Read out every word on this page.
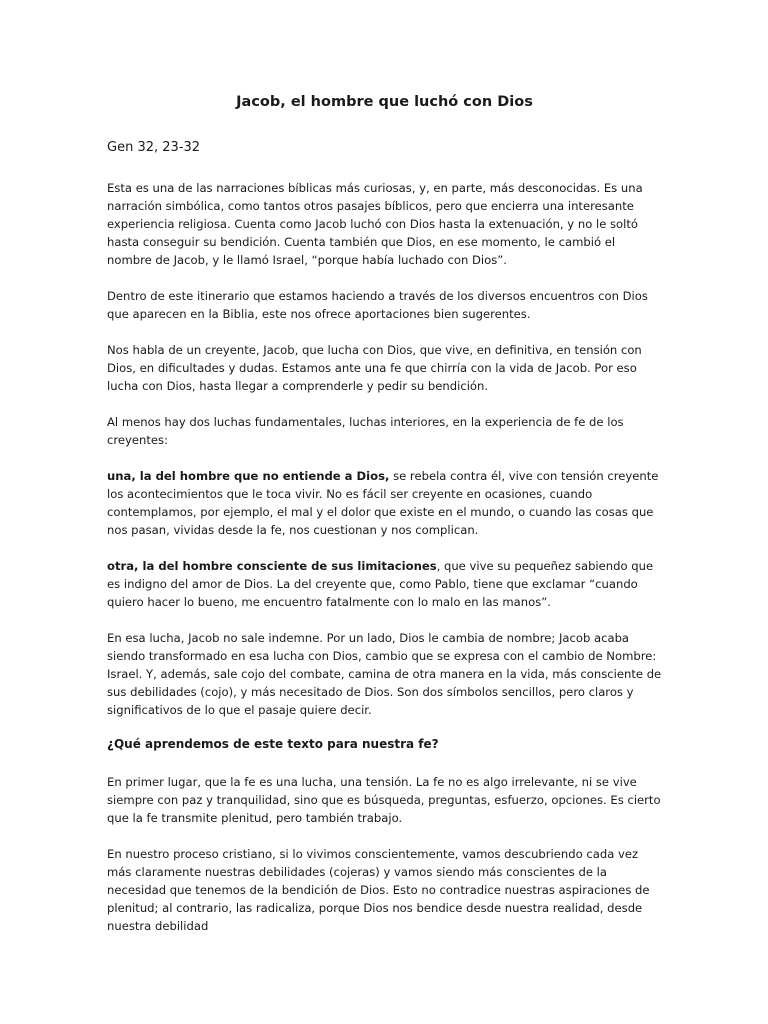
Jacob, el hombre que luchó con Dios
Gen 32, 23-32

Esta es una de las narraciones bíblicas más curiosas, y, en parte, más desconocidas. Es una narración simbólica, como tantos otros pasajes bíblicos, pero que encierra una interesante experiencia religiosa. Cuenta como Jacob luchó con Dios hasta la extenuación, y no le soltó hasta conseguir su bendición. Cuenta también que Dios, en ese momento, le cambió el nombre de Jacob, y le llamó Israel, “porque había luchado con Dios”.

Dentro de este itinerario que estamos haciendo a través de los diversos encuentros con Dios que aparecen en la Biblia, este nos ofrece aportaciones bien sugerentes.

Nos habla de un creyente, Jacob, que lucha con Dios, que vive, en definitiva, en tensión con Dios, en dificultades y dudas. Estamos ante una fe que chirría con la vida de Jacob. Por eso lucha con Dios, hasta llegar a comprenderle y pedir su bendición.

Al menos hay dos luchas fundamentales, luchas interiores, en la experiencia de fe de los creyentes:

una, la del hombre que no entiende a Dios, se rebela contra él, vive con tensión creyente los acontecimientos que le toca vivir. No es fácil ser creyente en ocasiones, cuando contemplamos, por ejemplo, el mal y el dolor que existe en el mundo, o cuando las cosas que nos pasan, vividas desde la fe, nos cuestionan y nos complican.

otra, la del hombre consciente de sus limitaciones, que vive su pequeñez sabiendo que es indigno del amor de Dios. La del creyente que, como Pablo, tiene que exclamar “cuando quiero hacer lo bueno, me encuentro fatalmente con lo malo en las manos”.

En esa lucha, Jacob no sale indemne. Por un lado, Dios le cambia de nombre; Jacob acaba siendo transformado en esa lucha con Dios, cambio que se expresa con el cambio de Nombre: Israel. Y, además, sale cojo del combate, camina de otra manera en la vida, más consciente de sus debilidades (cojo), y más necesitado de Dios. Son dos símbolos sencillos, pero claros y significativos de lo que el pasaje quiere decir.

¿Qué aprendemos de este texto para nuestra fe?

En primer lugar, que la fe es una lucha, una tensión. La fe no es algo irrelevante, ni se vive siempre con paz y tranquilidad, sino que es búsqueda, preguntas, esfuerzo, opciones. Es cierto que la fe transmite plenitud, pero también trabajo.

En nuestro proceso cristiano, si lo vivimos conscientemente, vamos descubriendo cada vez más claramente nuestras debilidades (cojeras) y vamos siendo más conscientes de la necesidad que tenemos de la bendición de Dios. Esto no contradice nuestras aspiraciones de plenitud; al contrario, las radicaliza, porque Dios nos bendice desde nuestra realidad, desde nuestra debilidad
